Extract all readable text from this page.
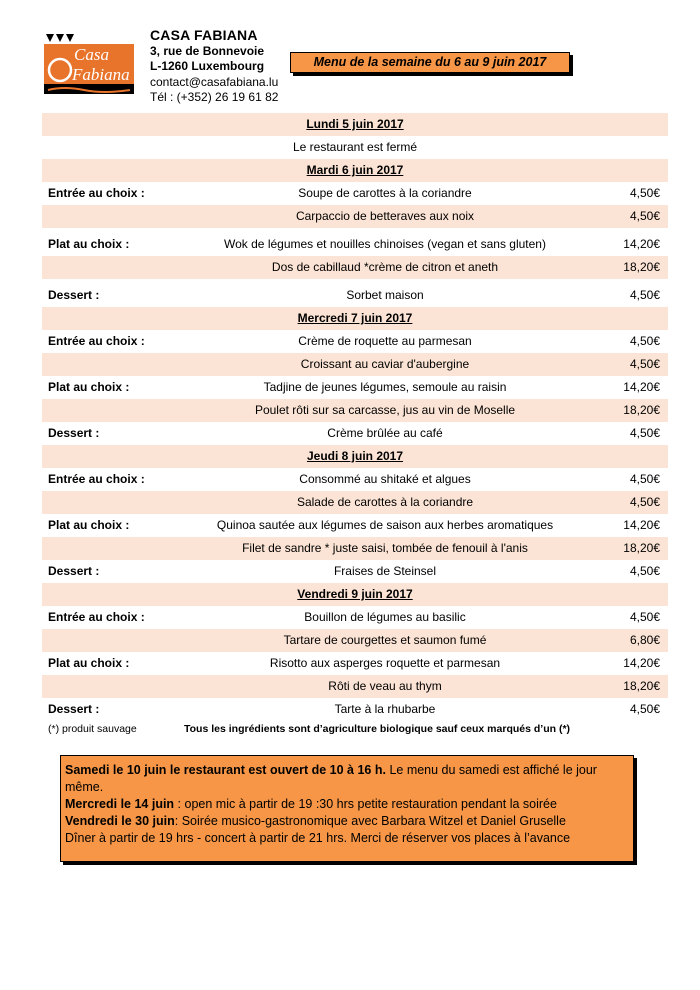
Casa
Fabiana
CASA FABIANA
3, rue de Bonnevoie
L-1260 Luxembourg
contact@casafabiana.lu
Tél : (+352) 26 19 61 82
Menu de la semaine du 6 au 9 juin 2017
Lundi 5 juin 2017
Le restaurant est fermé
Mardi 6 juin 2017
Entrée au choix :	Soupe de carottes à la coriandre	4,50€
Carpaccio de betteraves aux noix	4,50€
Plat au choix :	Wok de légumes et nouilles chinoises (vegan et sans gluten)	14,20€
Dos de cabillaud *crème de citron et aneth	18,20€
Dessert :	Sorbet maison	4,50€
Mercredi 7 juin 2017
Entrée au choix :	Crème de roquette au parmesan	4,50€
Croissant au caviar d'aubergine	4,50€
Plat au choix :	Tadjine de jeunes légumes, semoule au raisin	14,20€
Poulet rôti sur sa carcasse, jus au vin de Moselle	18,20€
Dessert :	Crème brûlée au café	4,50€
Jeudi 8 juin 2017
Entrée au choix :	Consommé au shitaké et algues	4,50€
Salade de carottes à la coriandre	4,50€
Plat au choix :	Quinoa sautée aux légumes de saison aux herbes aromatiques	14,20€
Filet de sandre * juste saisi, tombée de fenouil à l'anis	18,20€
Dessert :	Fraises de Steinsel	4,50€
Vendredi 9 juin 2017
Entrée au choix :	Bouillon de légumes au basilic	4,50€
Tartare de courgettes et saumon fumé	6,80€
Plat au choix :	Risotto aux asperges roquette et parmesan	14,20€
Rôti de veau au thym	18,20€
Dessert :	Tarte à la rhubarbe	4,50€
(*) produit sauvage	Tous les ingrédients sont d’agriculture biologique sauf ceux marqués d’un (*)

Samedi le 10 juin le restaurant est ouvert de 10 à 16 h. Le menu du samedi est affiché le jour même.

Mercredi le 14 juin : open mic à partir de 19 :30 hrs petite restauration pendant la soirée

Vendredi le 30 juin: Soirée musico-gastronomique avec Barbara Witzel et Daniel Gruselle

Dîner à partir de 19 hrs - concert à partir de 21 hrs. Merci de réserver vos places à l’avance
